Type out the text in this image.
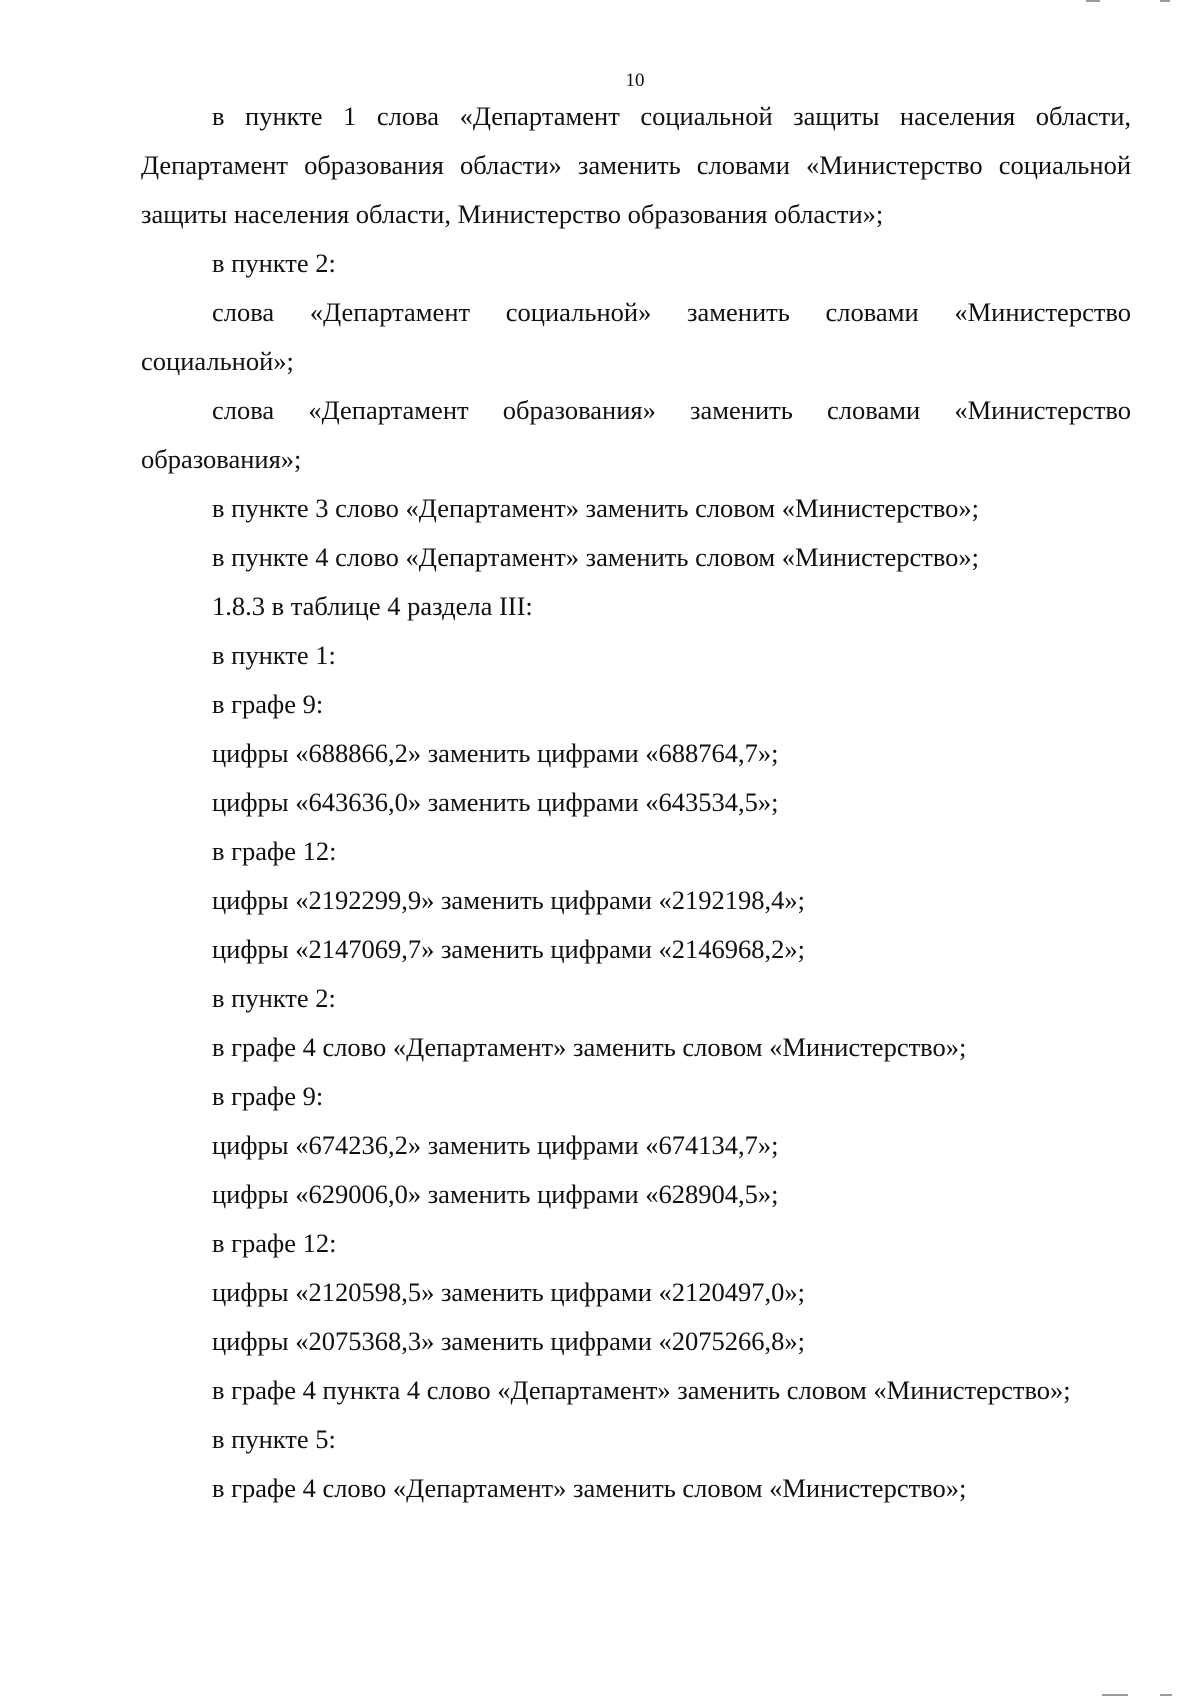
10

в пункте 1 слова «Департамент социальной защиты населения области, Департамент образования области» заменить словами «Министерство социальной защиты населения области, Министерство образования области»;

в пункте 2:

слова «Департамент социальной» заменить словами «Министерство социальной»;

слова «Департамент образования» заменить словами «Министерство образования»;

в пункте 3 слово «Департамент» заменить словом «Министерство»;

в пункте 4 слово «Департамент» заменить словом «Министерство»;

1.8.3 в таблице 4 раздела III:

в пункте 1:

в графе 9:

цифры «688866,2» заменить цифрами «688764,7»;

цифры «643636,0» заменить цифрами «643534,5»;

в графе 12:

цифры «2192299,9» заменить цифрами «2192198,4»;

цифры «2147069,7» заменить цифрами «2146968,2»;

в пункте 2:

в графе 4 слово «Департамент» заменить словом «Министерство»;

в графе 9:

цифры «674236,2» заменить цифрами «674134,7»;

цифры «629006,0» заменить цифрами «628904,5»;

в графе 12:

цифры «2120598,5» заменить цифрами «2120497,0»;

цифры «2075368,3» заменить цифрами «2075266,8»;

в графе 4 пункта 4 слово «Департамент» заменить словом «Министерство»;

в пункте 5:

в графе 4 слово «Департамент» заменить словом «Министерство»;
